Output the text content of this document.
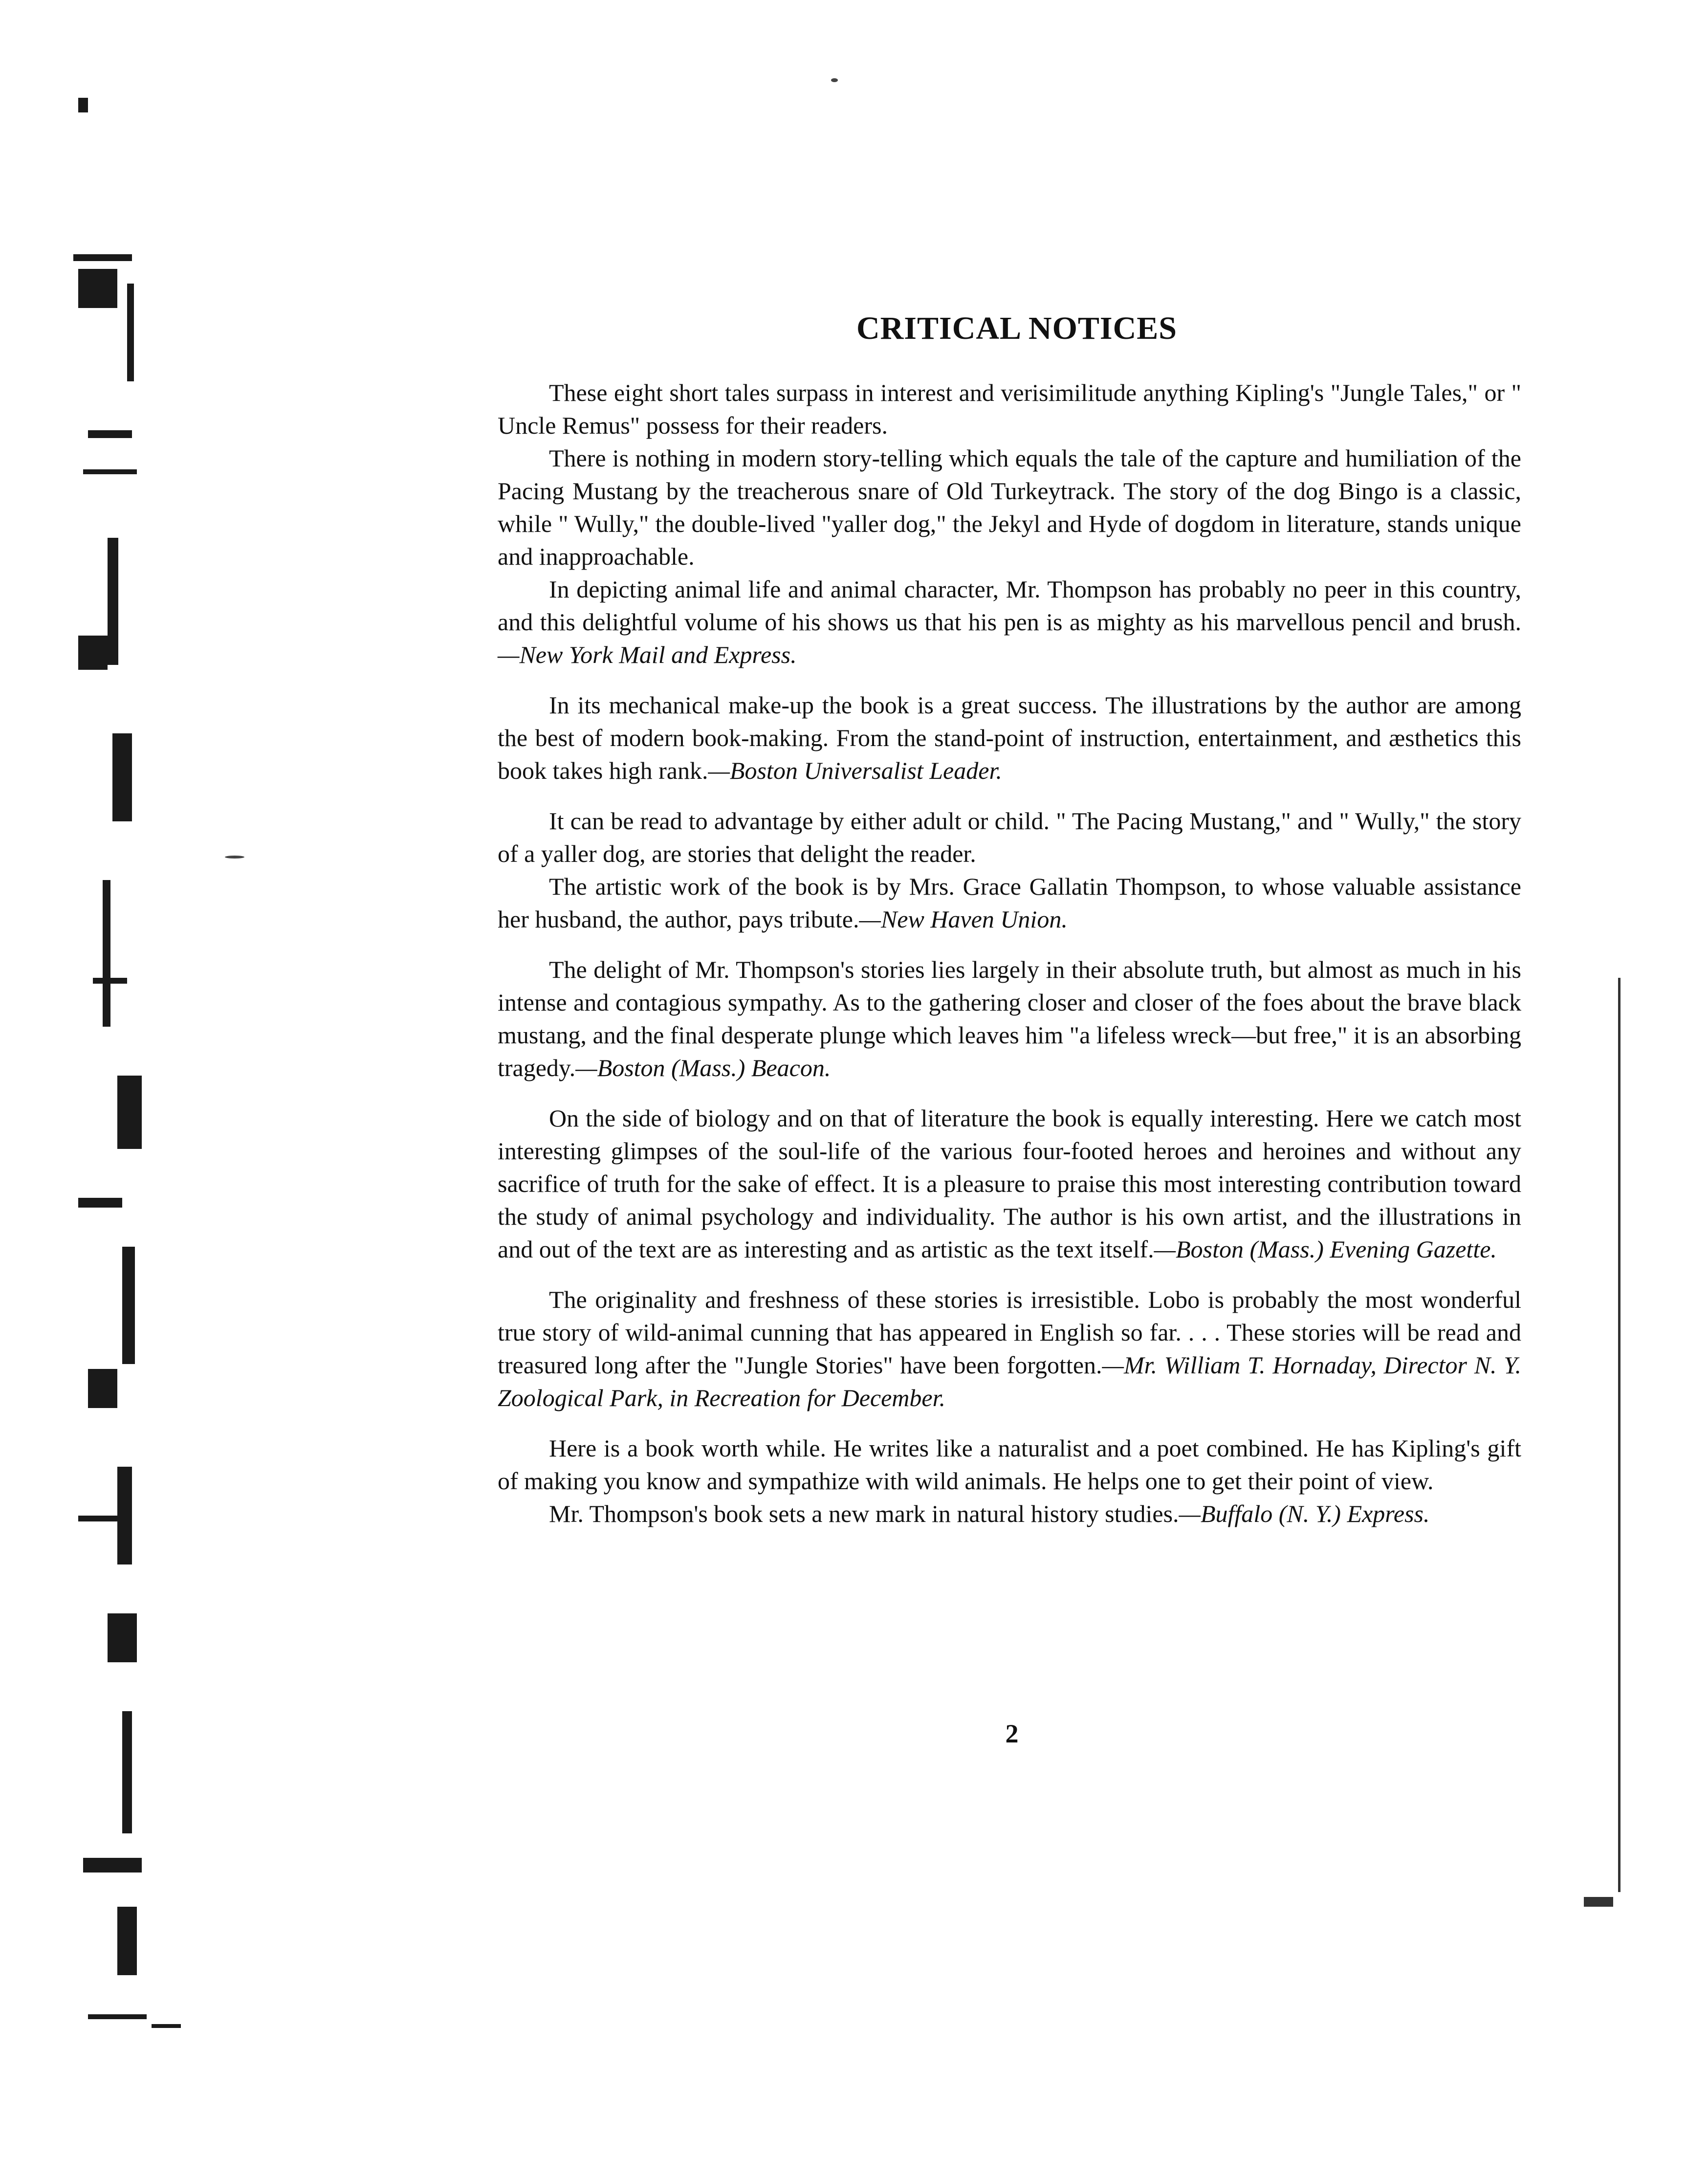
CRITICAL NOTICES

These eight short tales surpass in interest and verisimilitude anything Kipling's "Jungle Tales," or " Uncle Remus" possess for their readers.

There is nothing in modern story-telling which equals the tale of the capture and humiliation of the Pacing Mustang by the treacherous snare of Old Turkeytrack. The story of the dog Bingo is a classic, while " Wully," the double-lived "yaller dog," the Jekyl and Hyde of dogdom in literature, stands unique and inapproachable.

In depicting animal life and animal character, Mr. Thompson has probably no peer in this country, and this delightful volume of his shows us that his pen is as mighty as his marvellous pencil and brush.—New York Mail and Express.

In its mechanical make-up the book is a great success. The illustrations by the author are among the best of modern book-making. From the stand-point of instruction, entertainment, and æsthetics this book takes high rank.—Boston Universalist Leader.

It can be read to advantage by either adult or child. " The Pacing Mustang," and " Wully," the story of a yaller dog, are stories that delight the reader.

The artistic work of the book is by Mrs. Grace Gallatin Thompson, to whose valuable assistance her husband, the author, pays tribute.—New Haven Union.

The delight of Mr. Thompson's stories lies largely in their absolute truth, but almost as much in his intense and contagious sympathy. As to the gathering closer and closer of the foes about the brave black mustang, and the final desperate plunge which leaves him "a lifeless wreck—but free," it is an absorbing tragedy.—Boston (Mass.) Beacon.

On the side of biology and on that of literature the book is equally interesting. Here we catch most interesting glimpses of the soul-life of the various four-footed heroes and heroines and without any sacrifice of truth for the sake of effect. It is a pleasure to praise this most interesting contribution toward the study of animal psychology and individuality. The author is his own artist, and the illustrations in and out of the text are as interesting and as artistic as the text itself.—Boston (Mass.) Evening Gazette.

The originality and freshness of these stories is irresistible. Lobo is probably the most wonderful true story of wild-animal cunning that has appeared in English so far. . . . These stories will be read and treasured long after the "Jungle Stories" have been forgotten.—Mr. William T. Hornaday, Director N. Y. Zoological Park, in Recreation for December.

Here is a book worth while. He writes like a naturalist and a poet combined. He has Kipling's gift of making you know and sympathize with wild animals. He helps one to get their point of view.

Mr. Thompson's book sets a new mark in natural history studies.—Buffalo (N. Y.) Express.

2
